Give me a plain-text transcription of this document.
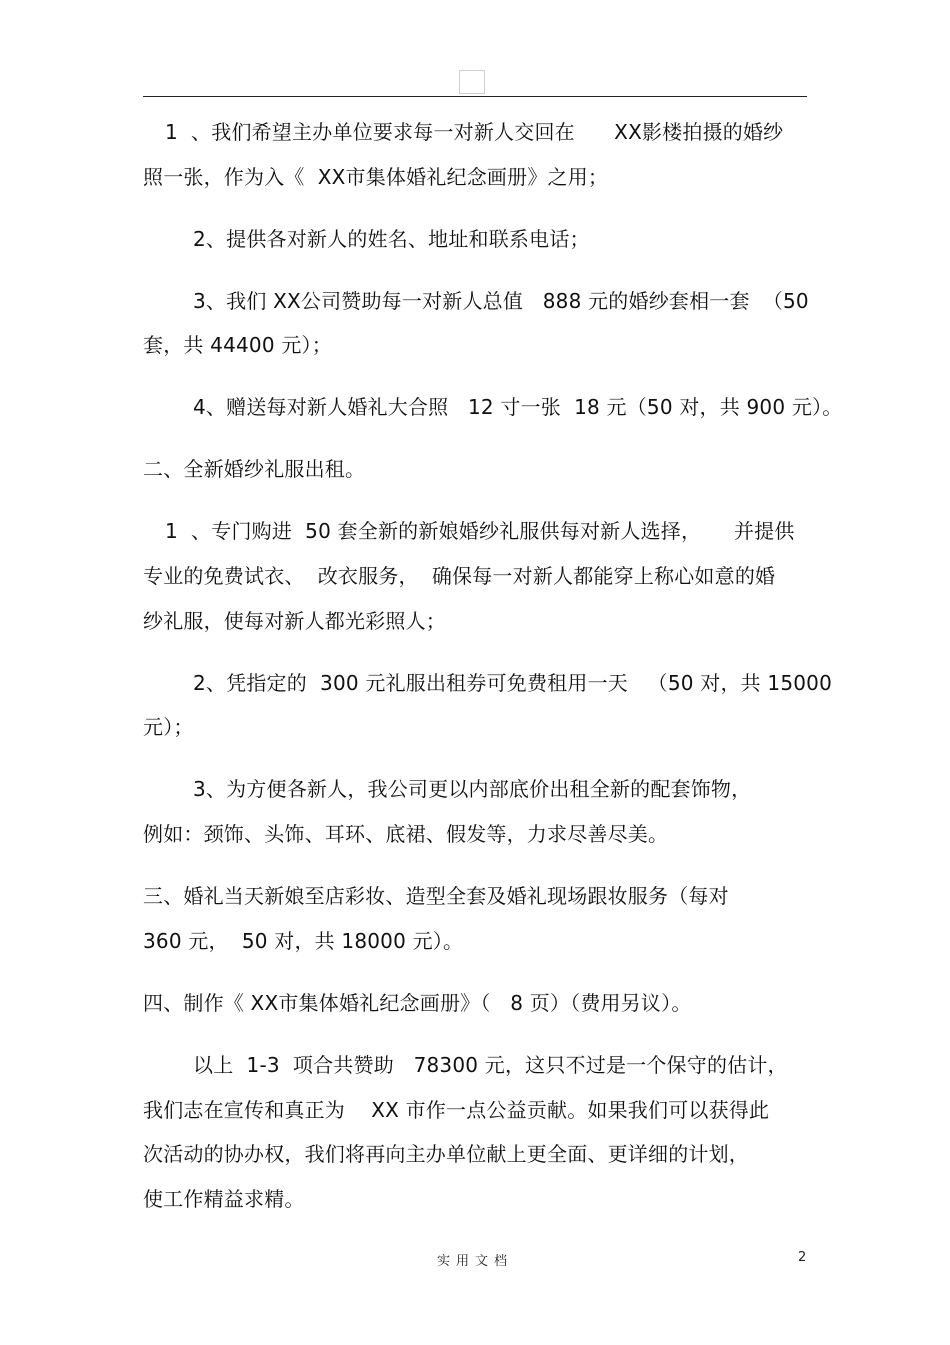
1  、我们希望主办单位要求每一对新人交回在      XX影楼拍摄的婚纱
照一张，作为入《  XX市集体婚礼纪念画册》之用；
2、提供各对新人的姓名、地址和联系电话；
3、我们 XX公司赞助每一对新人总值   888 元的婚纱套相一套  （50
套，共 44400 元）；
4、赠送每对新人婚礼大合照   12 寸一张  18 元（50 对，共 900 元）。
二、全新婚纱礼服出租。
1  、专门购进  50 套全新的新娘婚纱礼服供每对新人选择，     并提供
专业的免费试衣、  改衣服务，  确保每一对新人都能穿上称心如意的婚
纱礼服，使每对新人都光彩照人；
2、凭指定的  300 元礼服出租券可免费租用一天   （50 对，共 15000
元）；
3、为方便各新人，我公司更以内部底价出租全新的配套饰物，
例如：颈饰、头饰、耳环、底裙、假发等，力求尽善尽美。
三、婚礼当天新娘至店彩妆、造型全套及婚礼现场跟妆服务（每对
360 元，  50 对，共 18000 元）。
四、制作《 XX市集体婚礼纪念画册》（   8 页）（费用另议）。
以上  1-3  项合共赞助   78300 元，这只不过是一个保守的估计，
我们志在宣传和真正为    XX 市作一点公益贡献。如果我们可以获得此
次活动的协办权，我们将再向主办单位献上更全面、更详细的计划，
使工作精益求精。
实用文档	2
